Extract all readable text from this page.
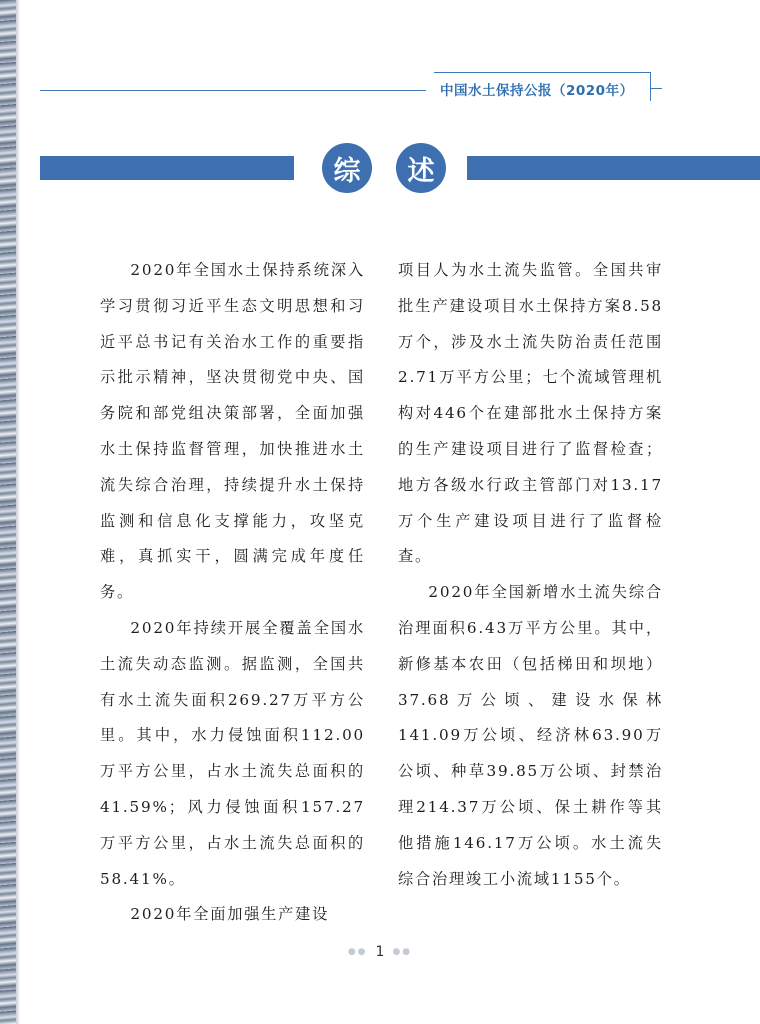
中国水土保持公报（2020年）
综	述

2020年全国水土保持系统深入学习贯彻习近平生态文明思想和习近平总书记有关治水工作的重要指示批示精神，坚决贯彻党中央、国务院和部党组决策部署，全面加强水土保持监督管理，加快推进水土流失综合治理，持续提升水土保持监测和信息化支撑能力，攻坚克难，真抓实干，圆满完成年度任务。

2020年持续开展全覆盖全国水土流失动态监测。据监测，全国共有水土流失面积269.27万平方公里。其中，水力侵蚀面积112.00万平方公里，占水土流失总面积的41.59%；风力侵蚀面积157.27万平方公里，占水土流失总面积的58.41%。

2020年全面加强生产建设

项目人为水土流失监管。全国共审批生产建设项目水土保持方案8.58万个，涉及水土流失防治责任范围2.71万平方公里；七个流域管理机构对446个在建部批水土保持方案的生产建设项目进行了监督检查；地方各级水行政主管部门对13.17万个生产建设项目进行了监督检查。

2020年全国新增水土流失综合治理面积6.43万平方公里。其中，新修基本农田（包括梯田和坝地）37.68万公顷、建设水保林141.09万公顷、经济林63.90万公顷、种草39.85万公顷、封禁治理214.37万公顷、保土耕作等其他措施146.17万公顷。水土流失综合治理竣工小流域1155个。

●● 1 ●●
